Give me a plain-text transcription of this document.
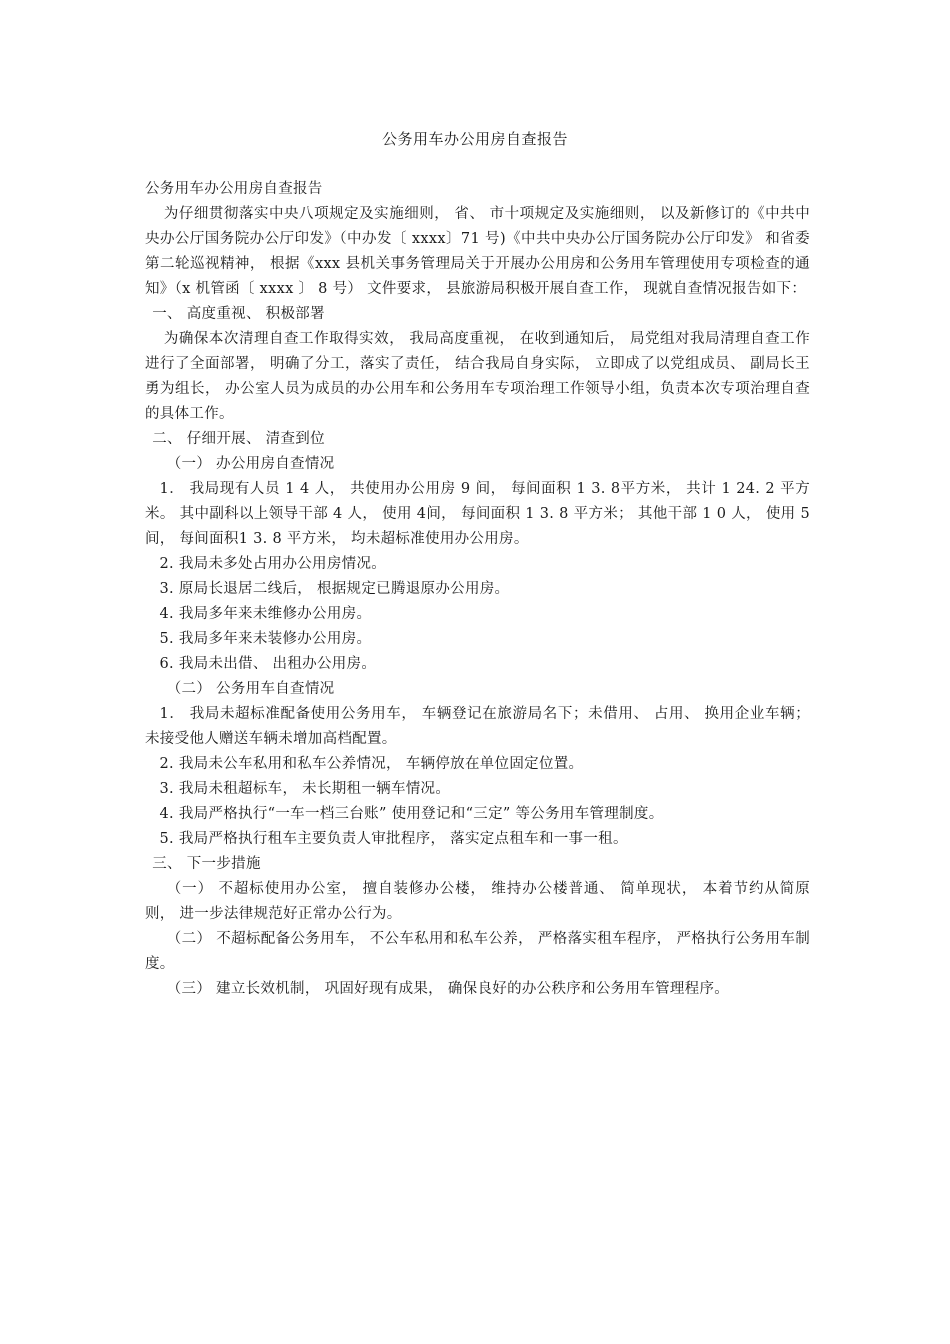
公务用车办公用房自查报告

公务用车办公用房自查报告

为仔细贯彻落实中央八项规定及实施细则， 省、 市十项规定及实施细则， 以及新修订的《中共中央办公厅国务院办公厅印发》（中办发〔 xxxx〕71 号)《中共中央办公厅国务院办公厅印发》 和省委第二轮巡视精神， 根据《xxx 县机关事务管理局关于开展办公用房和公务用车管理使用专项检查的通知》（x 机管函〔 xxxx 〕 8 号） 文件要求， 县旅游局积极开展自查工作， 现就自查情况报告如下：

一、 高度重视、 积极部署

为确保本次清理自查工作取得实效， 我局高度重视， 在收到通知后， 局党组对我局清理自查工作进行了全面部署， 明确了分工，落实了责任， 结合我局自身实际， 立即成了以党组成员、 副局长王勇为组长， 办公室人员为成员的办公用车和公务用车专项治理工作领导小组，负责本次专项治理自查的具体工作。

二、 仔细开展、 清查到位

（一） 办公用房自查情况

1． 我局现有人员 1 4 人， 共使用办公用房 9 间， 每间面积 1 3. 8平方米， 共计 1 24. 2 平方米。 其中副科以上领导干部 4 人， 使用 4间， 每间面积 1 3. 8 平方米； 其他干部 1 0 人， 使用 5 间， 每间面积1 3. 8 平方米， 均未超标准使用办公用房。

2. 我局未多处占用办公用房情况。

3. 原局长退居二线后， 根据规定已腾退原办公用房。

4. 我局多年来未维修办公用房。

5. 我局多年来未装修办公用房。

6. 我局未出借、 出租办公用房。

（二） 公务用车自查情况

1． 我局未超标准配备使用公务用车， 车辆登记在旅游局名下；未借用、 占用、 换用企业车辆； 未接受他人赠送车辆未增加高档配置。

2. 我局未公车私用和私车公养情况， 车辆停放在单位固定位置。

3. 我局未租超标车， 未长期租一辆车情况。

4. 我局严格执行“一车一档三台账” 使用登记和“三定” 等公务用车管理制度。

5. 我局严格执行租车主要负责人审批程序， 落实定点租车和一事一租。

三、 下一步措施

（一） 不超标使用办公室， 擅自装修办公楼， 维持办公楼普通、 简单现状， 本着节约从简原则， 进一步法律规范好正常办公行为。

（二） 不超标配备公务用车， 不公车私用和私车公养， 严格落实租车程序， 严格执行公务用车制度。

（三） 建立长效机制， 巩固好现有成果， 确保良好的办公秩序和公务用车管理程序。
